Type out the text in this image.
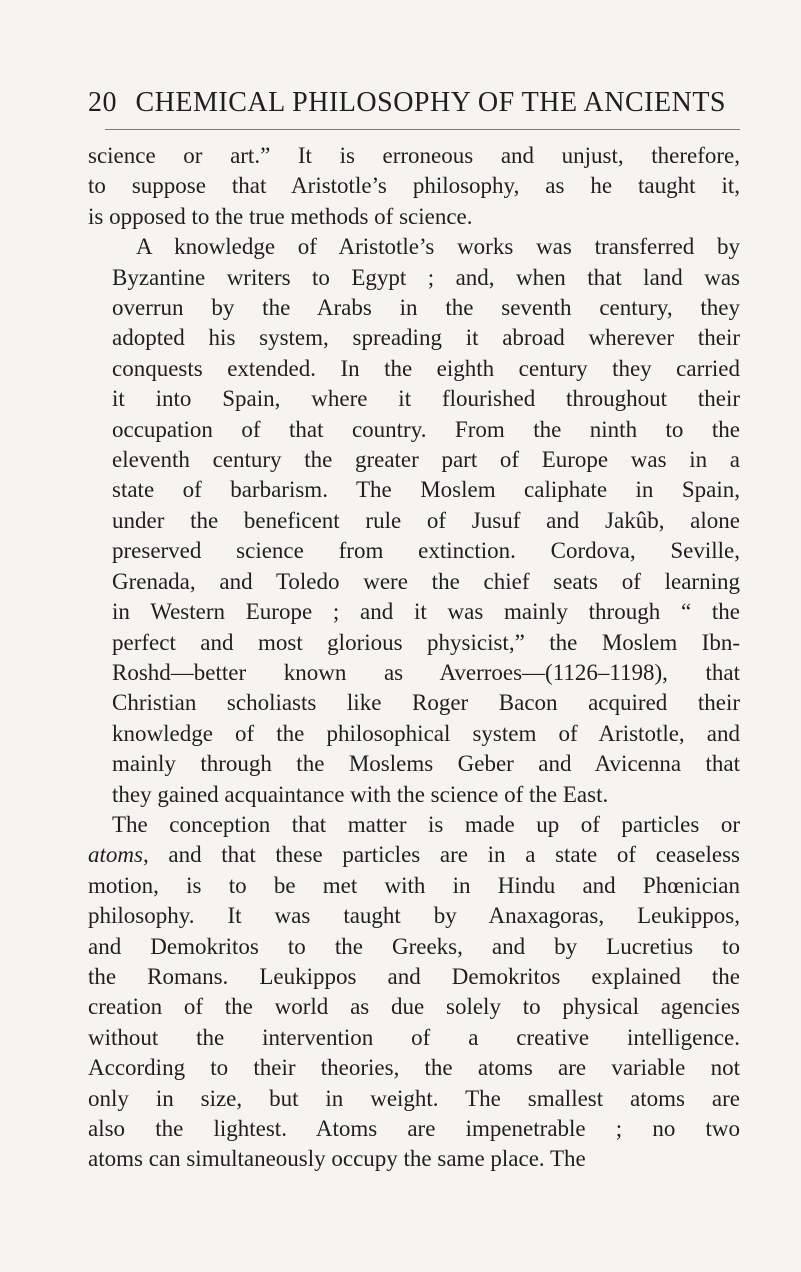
20 CHEMICAL PHILOSOPHY OF THE ANCIENTS

science or art.” It is erroneous and unjust, therefore,
to suppose that Aristotle’s philosophy, as he taught it,
is opposed to the true methods of science.

A knowledge of Aristotle’s works was transferred by
Byzantine writers to Egypt ; and, when that land was
overrun by the Arabs in the seventh century, they
adopted his system, spreading it abroad wherever their
conquests extended. In the eighth century they carried
it into Spain, where it flourished throughout their
occupation of that country. From the ninth to the
eleventh century the greater part of Europe was in a
state of barbarism. The Moslem caliphate in Spain,
under the beneficent rule of Jusuf and Jakûb, alone
preserved science from extinction. Cordova, Seville,
Grenada, and Toledo were the chief seats of learning
in Western Europe ; and it was mainly through “ the
perfect and most glorious physicist,” the Moslem Ibn-
Roshd—better known as Averroes—(1126–1198), that
Christian scholiasts like Roger Bacon acquired their
knowledge of the philosophical system of Aristotle, and
mainly through the Moslems Geber and Avicenna that
they gained acquaintance with the science of the East.

The conception that matter is made up of particles or
atoms, and that these particles are in a state of ceaseless
motion, is to be met with in Hindu and Phœnician
philosophy. It was taught by Anaxagoras, Leukippos,
and Demokritos to the Greeks, and by Lucretius to
the Romans. Leukippos and Demokritos explained the
creation of the world as due solely to physical agencies
without the intervention of a creative intelligence.
According to their theories, the atoms are variable not
only in size, but in weight. The smallest atoms are
also the lightest. Atoms are impenetrable ; no two
atoms can simultaneously occupy the same place. The
